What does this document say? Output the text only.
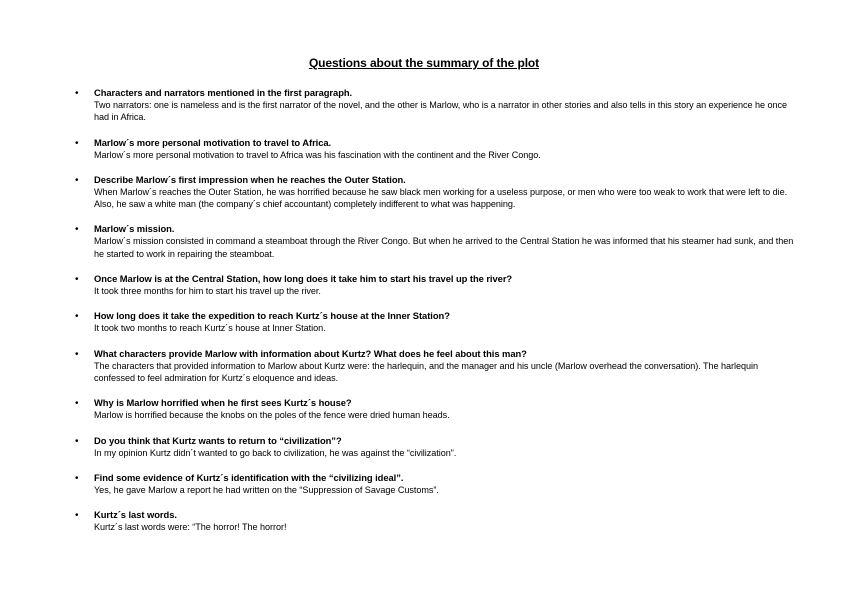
Questions about the summary of the plot
• Characters and narrators mentioned in the first paragraph.
Two narrators: one is nameless and is the first narrator of the novel, and the other is Marlow, who is a narrator in other stories and also tells in this story an experience he once had in Africa.
• Marlow´s more personal motivation to travel to Africa.
Marlow´s more personal motivation to travel to Africa was his fascination with the continent and the River Congo.
• Describe Marlow´s first impression when he reaches the Outer Station.
When Marlow´s reaches the Outer Station, he was horrified because he saw black men working for a useless purpose, or men who were too weak to work that were left to die. Also, he saw a white man (the company´s chief accountant) completely indifferent to what was happening.
• Marlow´s mission.
Marlow´s mission consisted in command a steamboat through the River Congo. But when he arrived to the Central Station he was informed that his steamer had sunk, and then he started to work in repairing the steamboat.
• Once Marlow is at the Central Station, how long does it take him to start his travel up the river?
It took three months for him to start his travel up the river.
• How long does it take the expedition to reach Kurtz´s house at the Inner Station?
It took two months to reach Kurtz´s house at Inner Station.
• What characters provide Marlow with information about Kurtz? What does he feel about this man?
The characters that provided information to Marlow about Kurtz were: the harlequin, and the manager and his uncle (Marlow overhead the conversation). The harlequin confessed to feel admiration for Kurtz´s eloquence and ideas.
• Why is Marlow horrified when he first sees Kurtz´s house?
Marlow is horrified because the knobs on the poles of the fence were dried human heads.
• Do you think that Kurtz wants to return to “civilization”?
In my opinion Kurtz didn´t wanted to go back to civilization, he was against the “civilization”.
• Find some evidence of Kurtz´s identification with the “civilizing ideal”.
Yes, he gave Marlow a report he had written on the “Suppression of Savage Customs”.
• Kurtz´s last words.
Kurtz´s last words were: “The horror! The horror!
